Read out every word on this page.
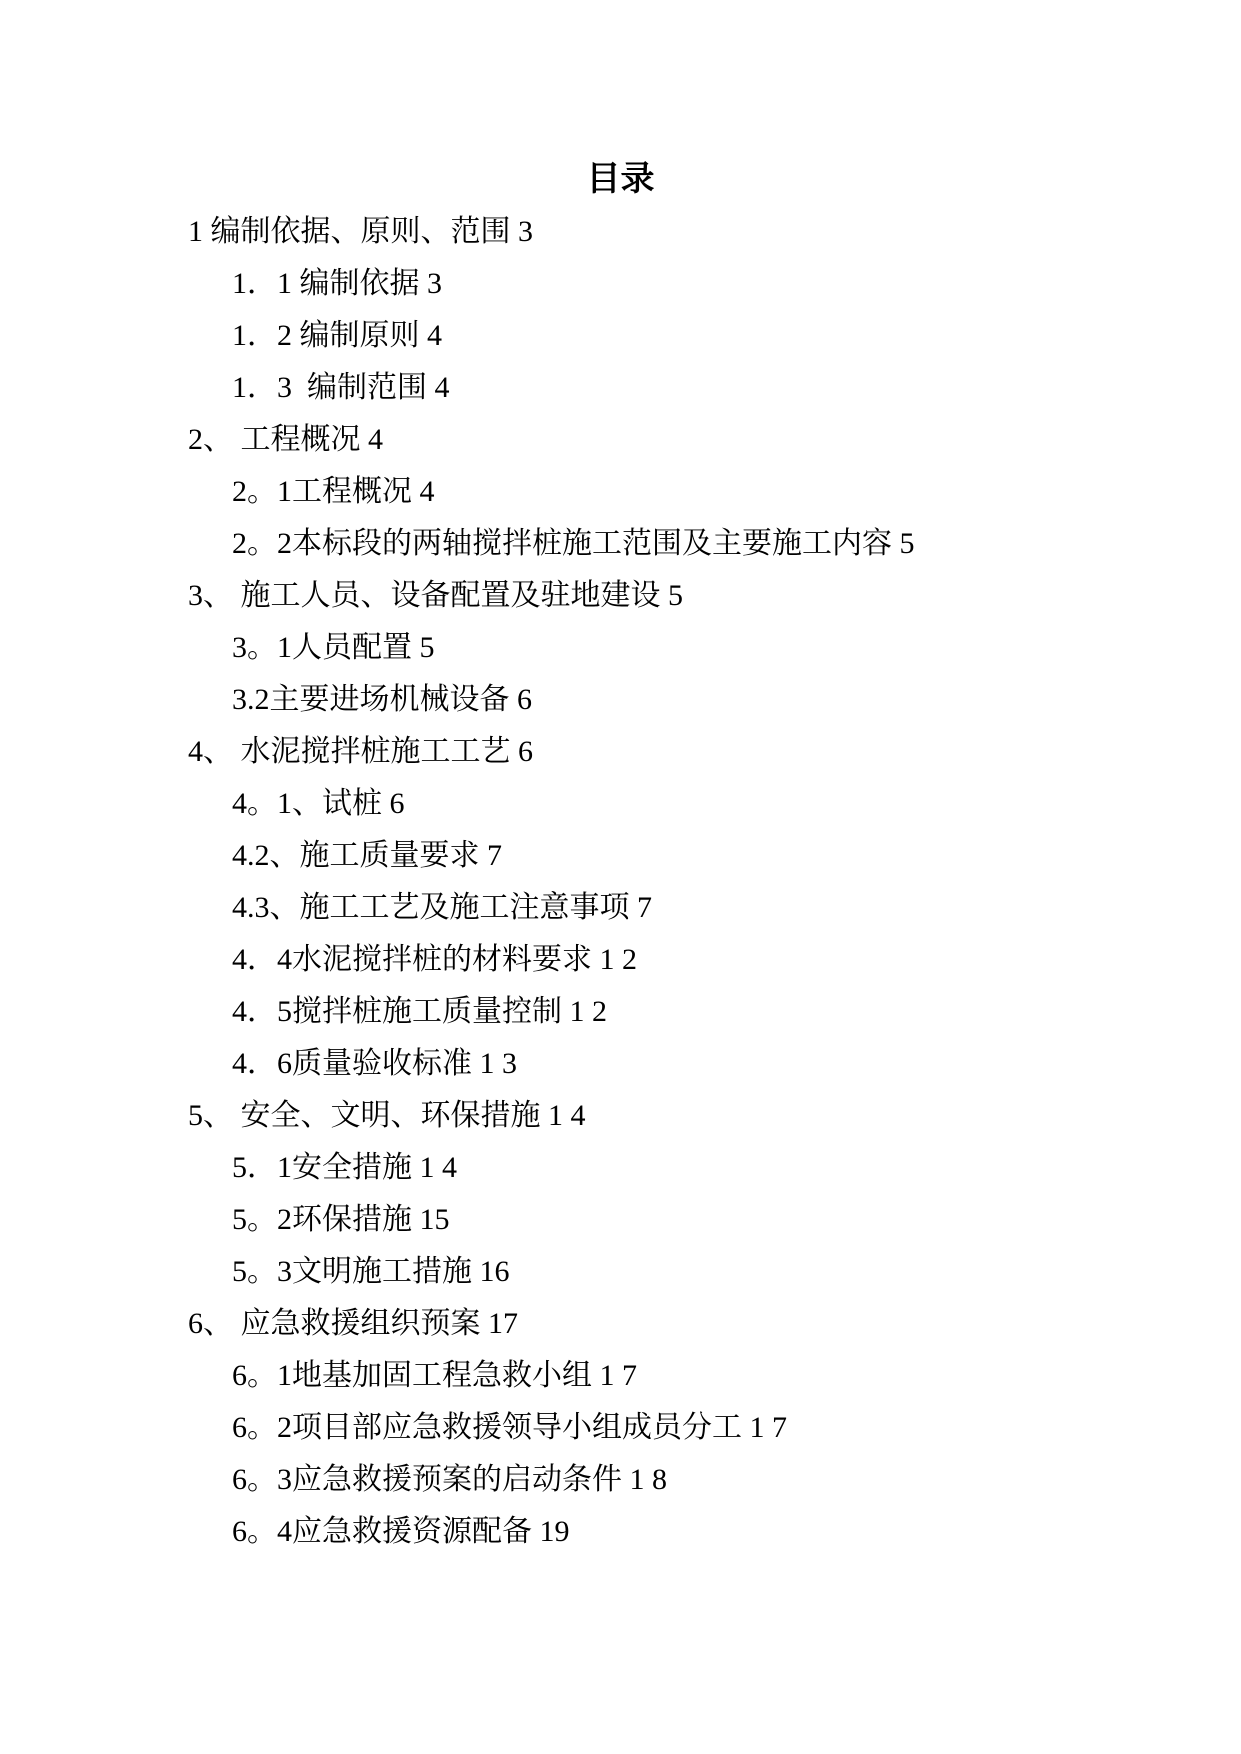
目录
1 编制依据、原则、范围 3
1．1 编制依据 3
1．2 编制原则 4
1．3  编制范围 4
2、 工程概况 4
2。1工程概况 4
2。2本标段的两轴搅拌桩施工范围及主要施工内容 5
3、 施工人员、设备配置及驻地建设 5
3。1人员配置 5
3.2主要进场机械设备 6
4、 水泥搅拌桩施工工艺 6
4。1、试桩 6
4.2、施工质量要求 7
4.3、施工工艺及施工注意事项 7
4．4水泥搅拌桩的材料要求 1 2
4．5搅拌桩施工质量控制 1 2
4．6质量验收标准 1 3
5、 安全、文明、环保措施 1 4
5．1安全措施 1 4
5。2环保措施 15
5。3文明施工措施 16
6、 应急救援组织预案 17
6。1地基加固工程急救小组 1 7
6。2项目部应急救援领导小组成员分工 1 7
6。3应急救援预案的启动条件 1 8
6。4应急救援资源配备 19
